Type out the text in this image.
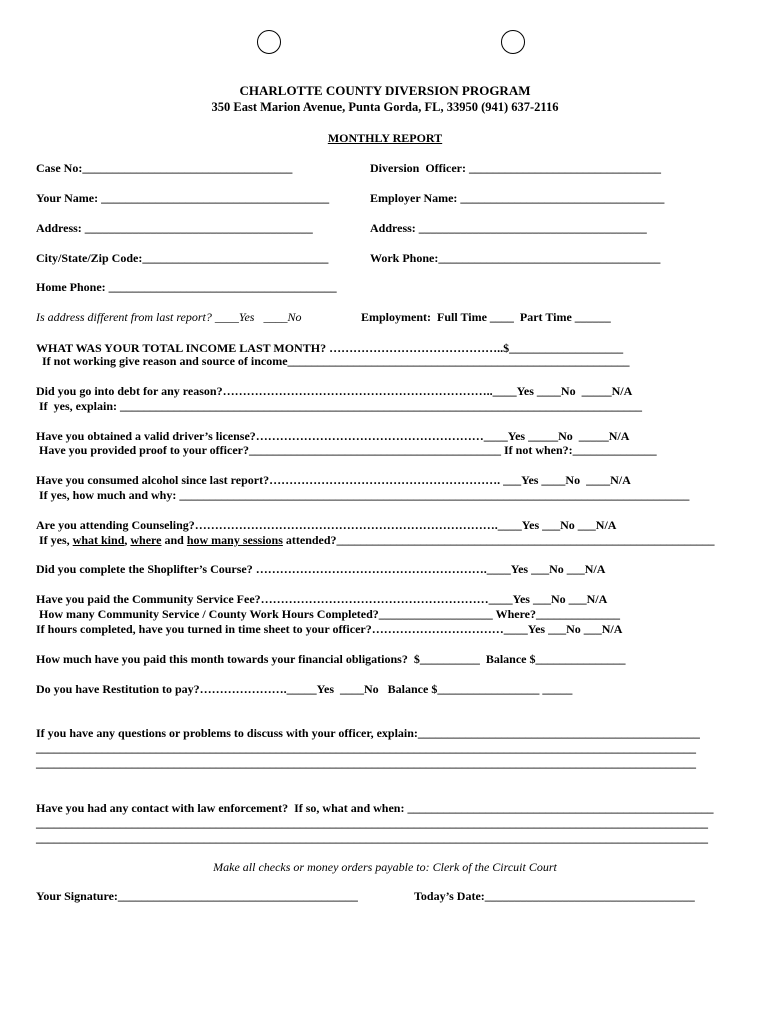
CHARLOTTE COUNTY DIVERSION PROGRAM
350 East Marion Avenue, Punta Gorda, FL, 33950 (941) 637-2116
MONTHLY REPORT
Case No:___________________________________	Diversion  Officer: ________________________________
Your Name: ______________________________________	Employer Name: __________________________________
Address: ______________________________________	Address: ______________________________________
City/State/Zip Code:_______________________________	Work Phone:_____________________________________
Home Phone: ______________________________________
Is address different from last report? ____Yes   ____No	Employment:  Full Time ____  Part Time ______
WHAT WAS YOUR TOTAL INCOME LAST MONTH? ……………………………………..$___________________
If not working give reason and source of income_________________________________________________________
Did you go into debt for any reason?…………………………………………………………..____Yes ____No  _____N/A
If  yes, explain: _______________________________________________________________________________________
Have you obtained a valid driver’s license?…………………………………………………____Yes _____No  _____N/A
Have you provided proof to your officer?__________________________________________ If not when?:______________
Have you consumed alcohol since last report?…………………………………………………. ___Yes ____No  ____N/A
If yes, how much and why: _____________________________________________________________________________________
Are you attending Counseling?………………………………………………………………….____Yes ___No ___N/A
If yes, what kind, where and how many sessions attended?_______________________________________________________________
Did you complete the Shoplifter’s Course? ………………………………………………….____Yes ___No ___N/A
Have you paid the Community Service Fee?…………………………………………………____Yes ___No ___N/A
How many Community Service / County Work Hours Completed?___________________ Where?______________
If hours completed, have you turned in time sheet to your officer?……………………………____Yes ___No ___N/A
How much have you paid this month towards your financial obligations?  $__________  Balance $_______________
Do you have Restitution to pay?…………………._____Yes  ____No   Balance $_________________ _____
If you have any questions or problems to discuss with your officer, explain:_______________________________________________
______________________________________________________________________________________________________________
______________________________________________________________________________________________________________
Have you had any contact with law enforcement?  If so, what and when: ___________________________________________________
________________________________________________________________________________________________________________
________________________________________________________________________________________________________________
Make all checks or money orders payable to: Clerk of the Circuit Court
Your Signature:________________________________________	Today’s Date:___________________________________
